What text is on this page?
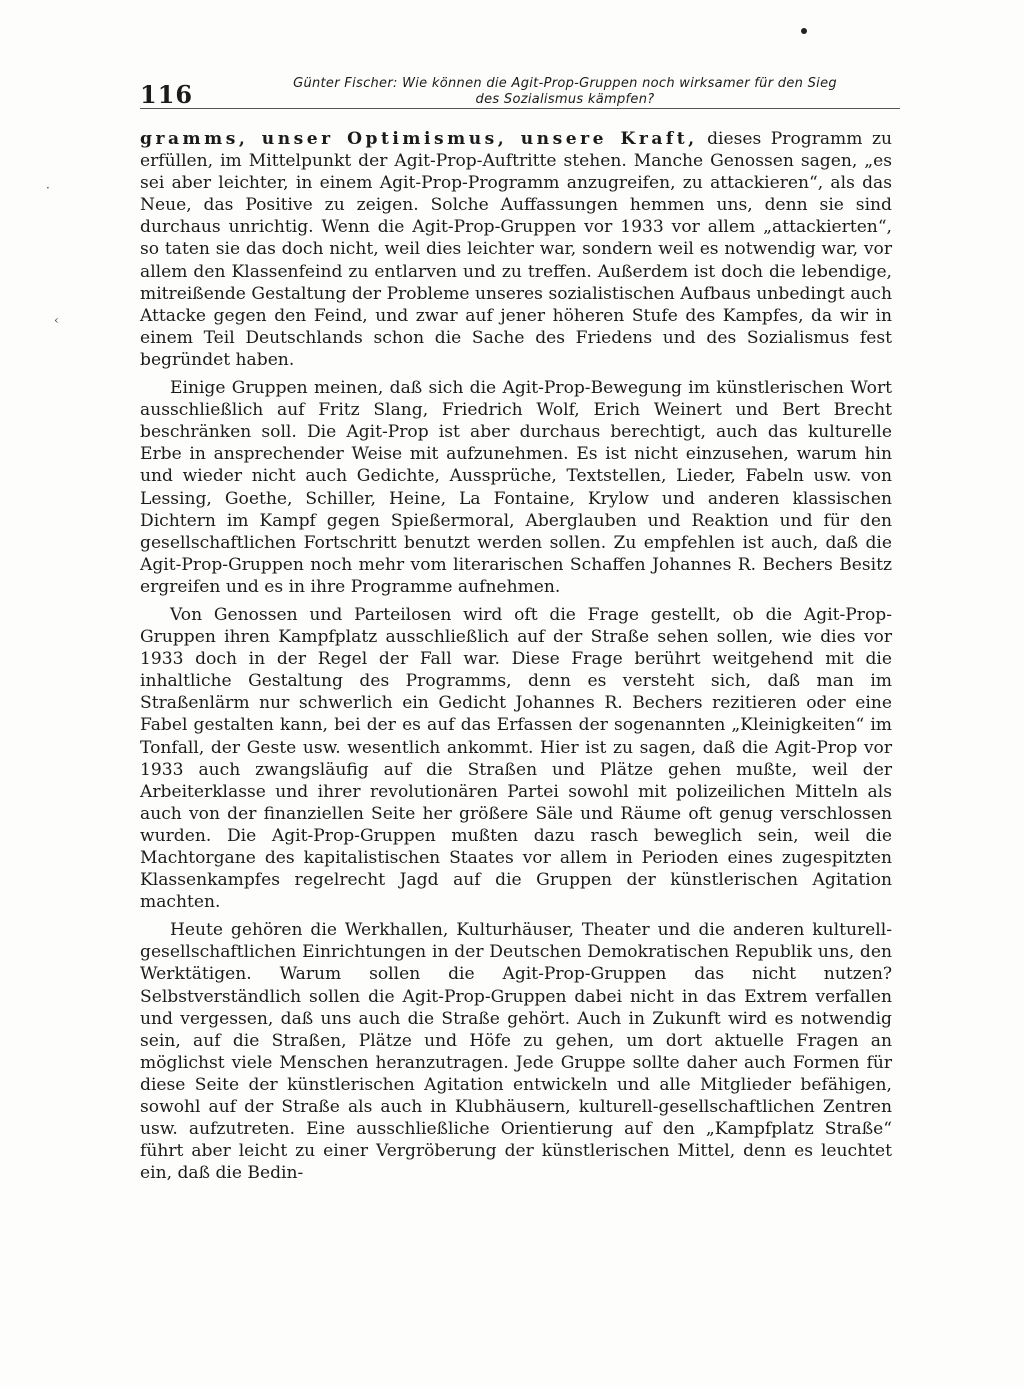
116	Günter Fischer: Wie können die Agit-Prop-Gruppen noch wirksamer für den Sieg
des Sozialismus kämpfen?
·
‹

gramms, unser Optimismus, unsere Kraft, dieses Programm zu erfüllen, im Mittelpunkt der Agit-Prop-Auftritte stehen. Manche Genossen sagen, „es sei aber leichter, in einem Agit-Prop-Programm anzugreifen, zu attackieren“, als das Neue, das Positive zu zeigen. Solche Auffassungen hemmen uns, denn sie sind durchaus unrichtig. Wenn die Agit-Prop-Gruppen vor 1933 vor allem „attackierten“, so taten sie das doch nicht, weil dies leichter war, sondern weil es notwendig war, vor allem den Klassenfeind zu entlarven und zu treffen. Außerdem ist doch die lebendige, mitreißende Gestaltung der Probleme unseres sozialistischen Aufbaus unbedingt auch Attacke gegen den Feind, und zwar auf jener höheren Stufe des Kampfes, da wir in einem Teil Deutschlands schon die Sache des Friedens und des Sozialismus fest begründet haben.

Einige Gruppen meinen, daß sich die Agit-Prop-Bewegung im künstlerischen Wort ausschließlich auf Fritz Slang, Friedrich Wolf, Erich Weinert und Bert Brecht beschränken soll. Die Agit-Prop ist aber durchaus berechtigt, auch das kulturelle Erbe in ansprechender Weise mit aufzunehmen. Es ist nicht einzusehen, warum hin und wieder nicht auch Gedichte, Aussprüche, Textstellen, Lieder, Fabeln usw. von Lessing, Goethe, Schiller, Heine, La Fontaine, Krylow und anderen klassischen Dichtern im Kampf gegen Spießermoral, Aberglauben und Reaktion und für den gesellschaftlichen Fortschritt benutzt werden sollen. Zu empfehlen ist auch, daß die Agit-Prop-Gruppen noch mehr vom literarischen Schaffen Johannes R. Bechers Besitz ergreifen und es in ihre Programme aufnehmen.

Von Genossen und Parteilosen wird oft die Frage gestellt, ob die Agit-Prop-Gruppen ihren Kampfplatz ausschließlich auf der Straße sehen sollen, wie dies vor 1933 doch in der Regel der Fall war. Diese Frage berührt weitgehend mit die inhaltliche Gestaltung des Programms, denn es versteht sich, daß man im Straßenlärm nur schwerlich ein Gedicht Johannes R. Bechers rezitieren oder eine Fabel gestalten kann, bei der es auf das Erfassen der sogenannten „Kleinigkeiten“ im Tonfall, der Geste usw. wesentlich ankommt. Hier ist zu sagen, daß die Agit-Prop vor 1933 auch zwangsläufig auf die Straßen und Plätze gehen mußte, weil der Arbeiterklasse und ihrer revolutionären Partei sowohl mit polizeilichen Mitteln als auch von der finanziellen Seite her größere Säle und Räume oft genug verschlossen wurden. Die Agit-Prop-Gruppen mußten dazu rasch beweglich sein, weil die Machtorgane des kapitalistischen Staates vor allem in Perioden eines zugespitzten Klassenkampfes regelrecht Jagd auf die Gruppen der künstlerischen Agitation machten.

Heute gehören die Werkhallen, Kulturhäuser, Theater und die anderen kulturell-gesellschaftlichen Einrichtungen in der Deutschen Demokratischen Republik uns, den Werktätigen. Warum sollen die Agit-Prop-Gruppen das nicht nutzen? Selbstverständlich sollen die Agit-Prop-Gruppen dabei nicht in das Extrem verfallen und vergessen, daß uns auch die Straße gehört. Auch in Zukunft wird es notwendig sein, auf die Straßen, Plätze und Höfe zu gehen, um dort aktuelle Fragen an möglichst viele Menschen heranzutragen. Jede Gruppe sollte daher auch Formen für diese Seite der künstlerischen Agitation entwickeln und alle Mitglieder befähigen, sowohl auf der Straße als auch in Klubhäusern, kulturell-gesellschaftlichen Zentren usw. aufzutreten. Eine ausschließliche Orientierung auf den „Kampfplatz Straße“ führt aber leicht zu einer Vergröberung der künstlerischen Mittel, denn es leuchtet ein, daß die Bedin-
